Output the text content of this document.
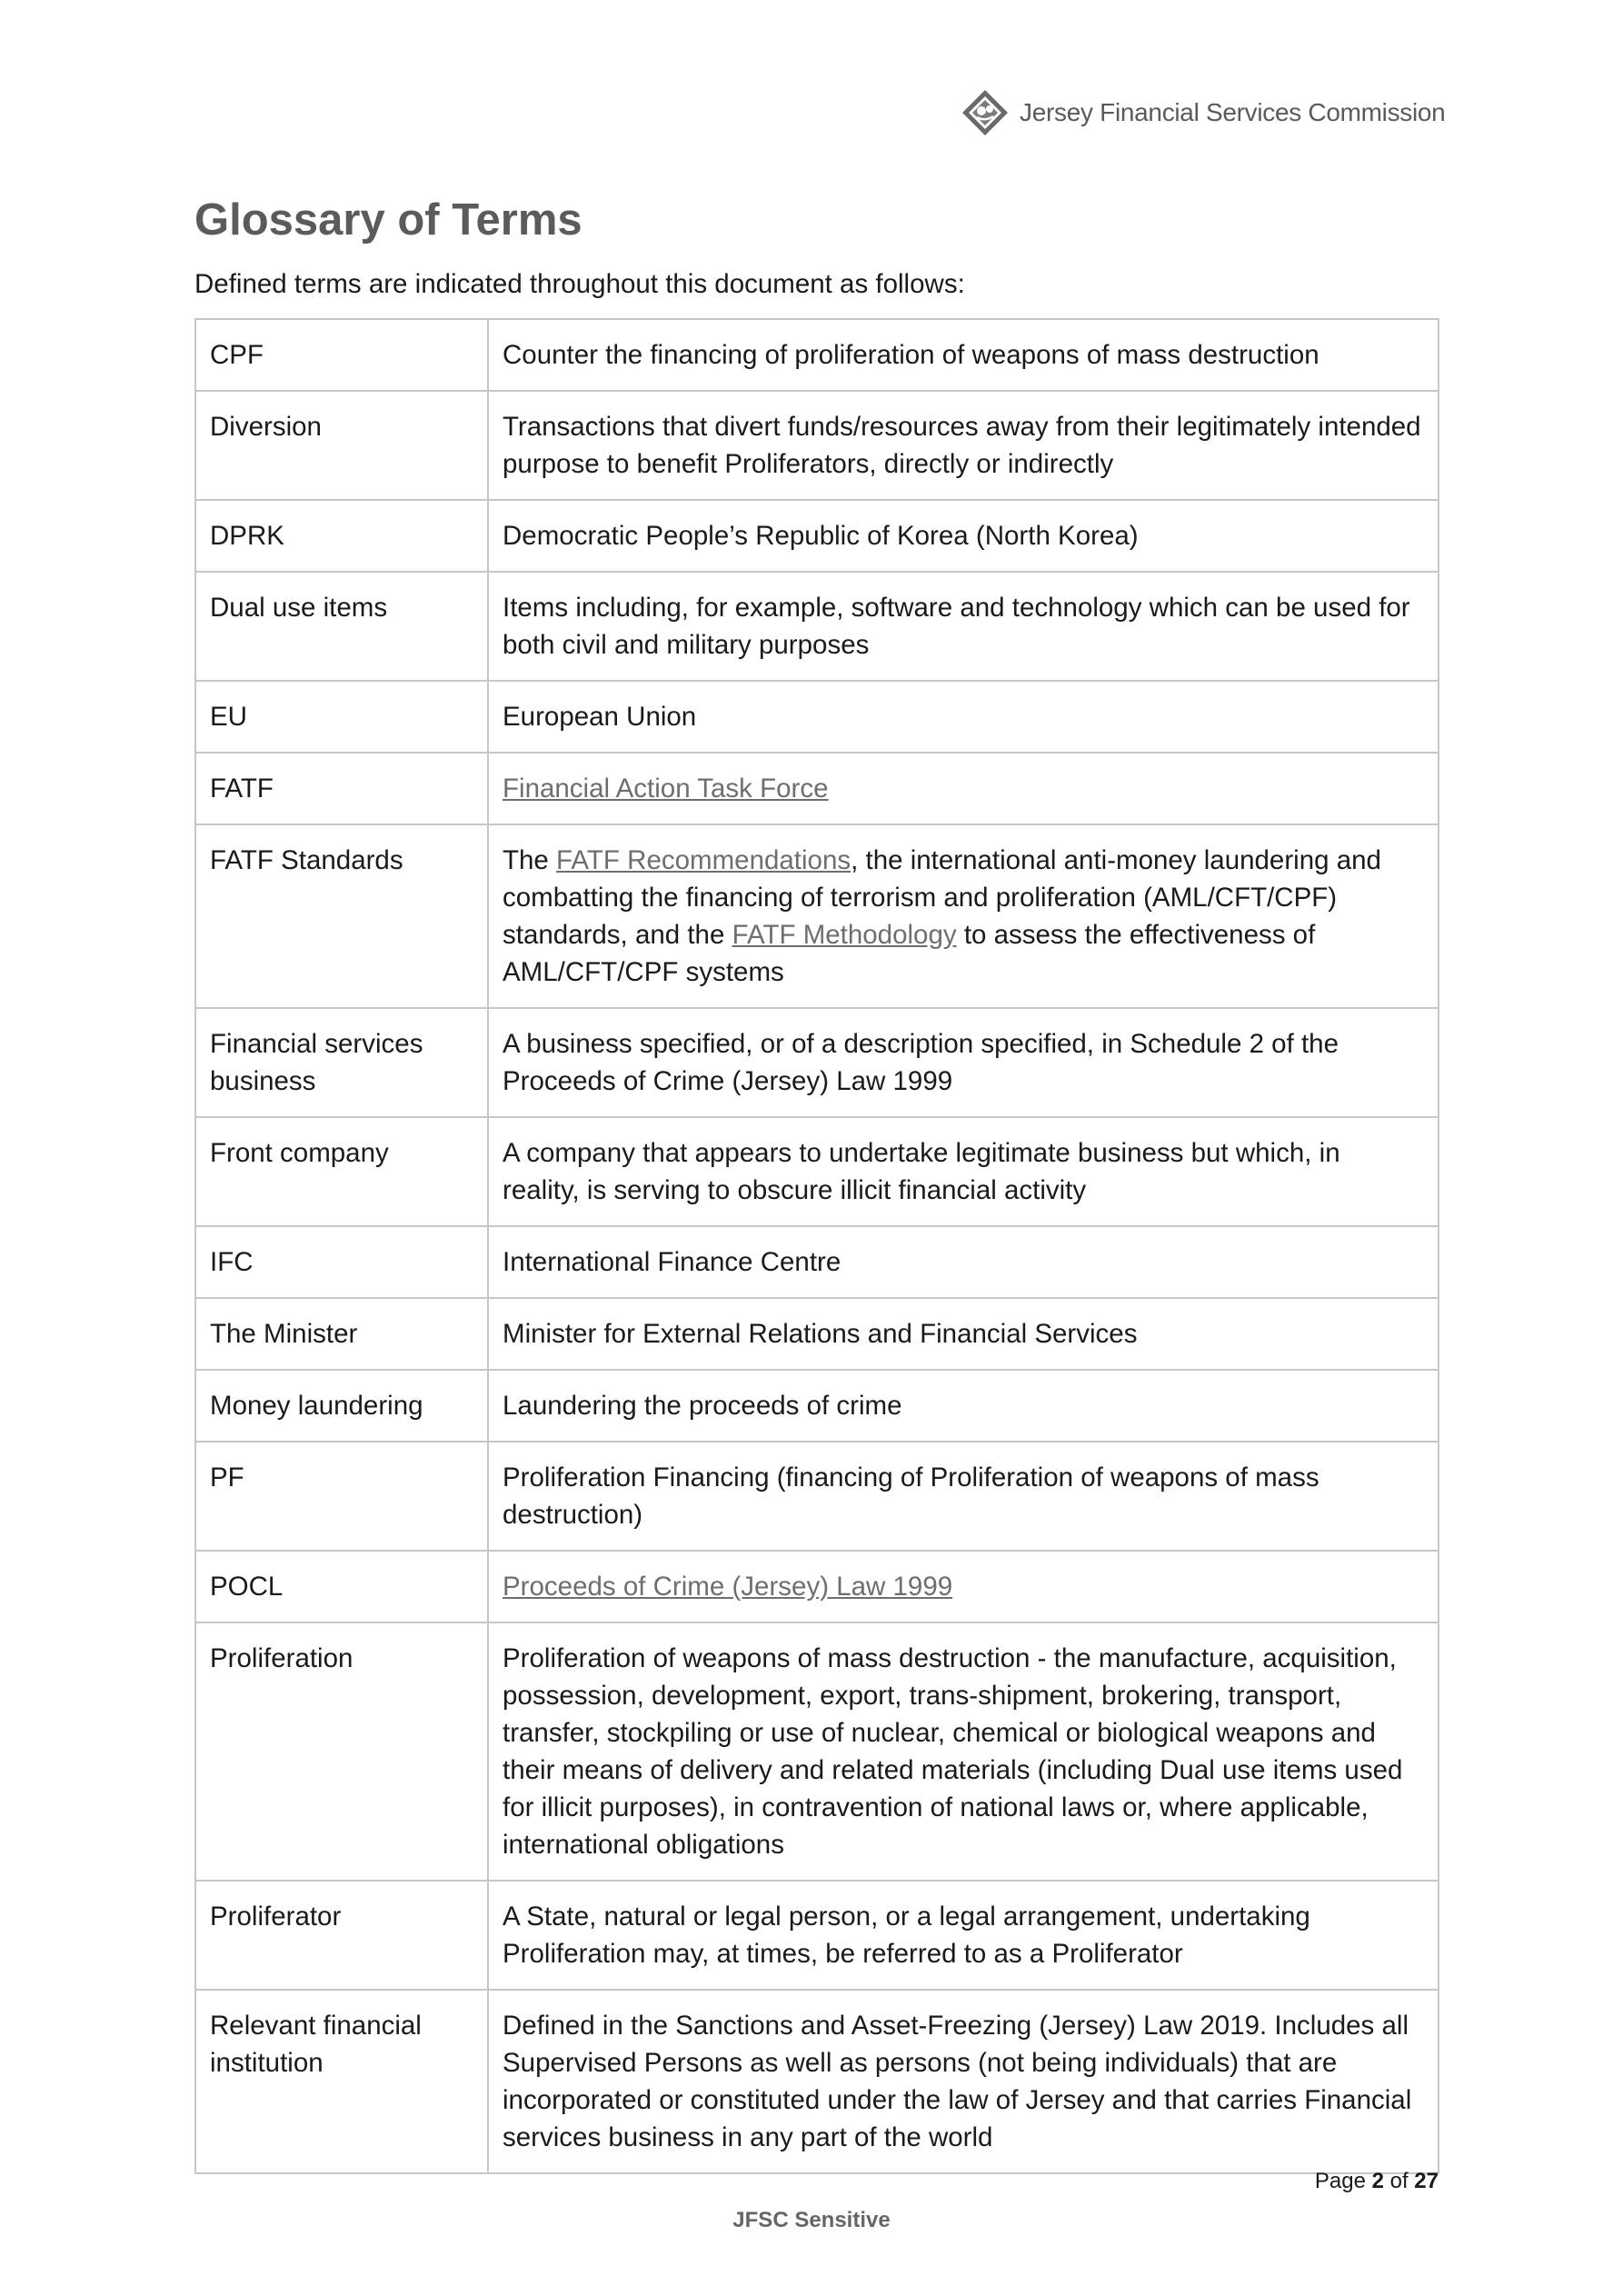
Jersey Financial Services Commission
Glossary of Terms
Defined terms are indicated throughout this document as follows:
CPF	Counter the financing of proliferation of weapons of mass destruction
Diversion	Transactions that divert funds/resources away from their legitimately intended purpose to benefit Proliferators, directly or indirectly
DPRK	Democratic People’s Republic of Korea (North Korea)
Dual use items	Items including, for example, software and technology which can be used for both civil and military purposes
EU	European Union
FATF	Financial Action Task Force
FATF Standards	The FATF Recommendations, the international anti-money laundering and combatting the financing of terrorism and proliferation (AML/CFT/CPF) standards, and the FATF Methodology to assess the effectiveness of AML/CFT/CPF systems
Financial services business	A business specified, or of a description specified, in Schedule 2 of the Proceeds of Crime (Jersey) Law 1999
Front company	A company that appears to undertake legitimate business but which, in reality, is serving to obscure illicit financial activity
IFC	International Finance Centre
The Minister	Minister for External Relations and Financial Services
Money laundering	Laundering the proceeds of crime
PF	Proliferation Financing (financing of Proliferation of weapons of mass destruction)
POCL	Proceeds of Crime (Jersey) Law 1999
Proliferation	Proliferation of weapons of mass destruction - the manufacture, acquisition, possession, development, export, trans-shipment, brokering, transport, transfer, stockpiling or use of nuclear, chemical or biological weapons and their means of delivery and related materials (including Dual use items used for illicit purposes), in contravention of national laws or, where applicable, international obligations
Proliferator	A State, natural or legal person, or a legal arrangement, undertaking Proliferation may, at times, be referred to as a Proliferator
Relevant financial institution	Defined in the Sanctions and Asset-Freezing (Jersey) Law 2019. Includes all Supervised Persons as well as persons (not being individuals) that are incorporated or constituted under the law of Jersey and that carries Financial services business in any part of the world
Page 2 of 27
JFSC Sensitive
